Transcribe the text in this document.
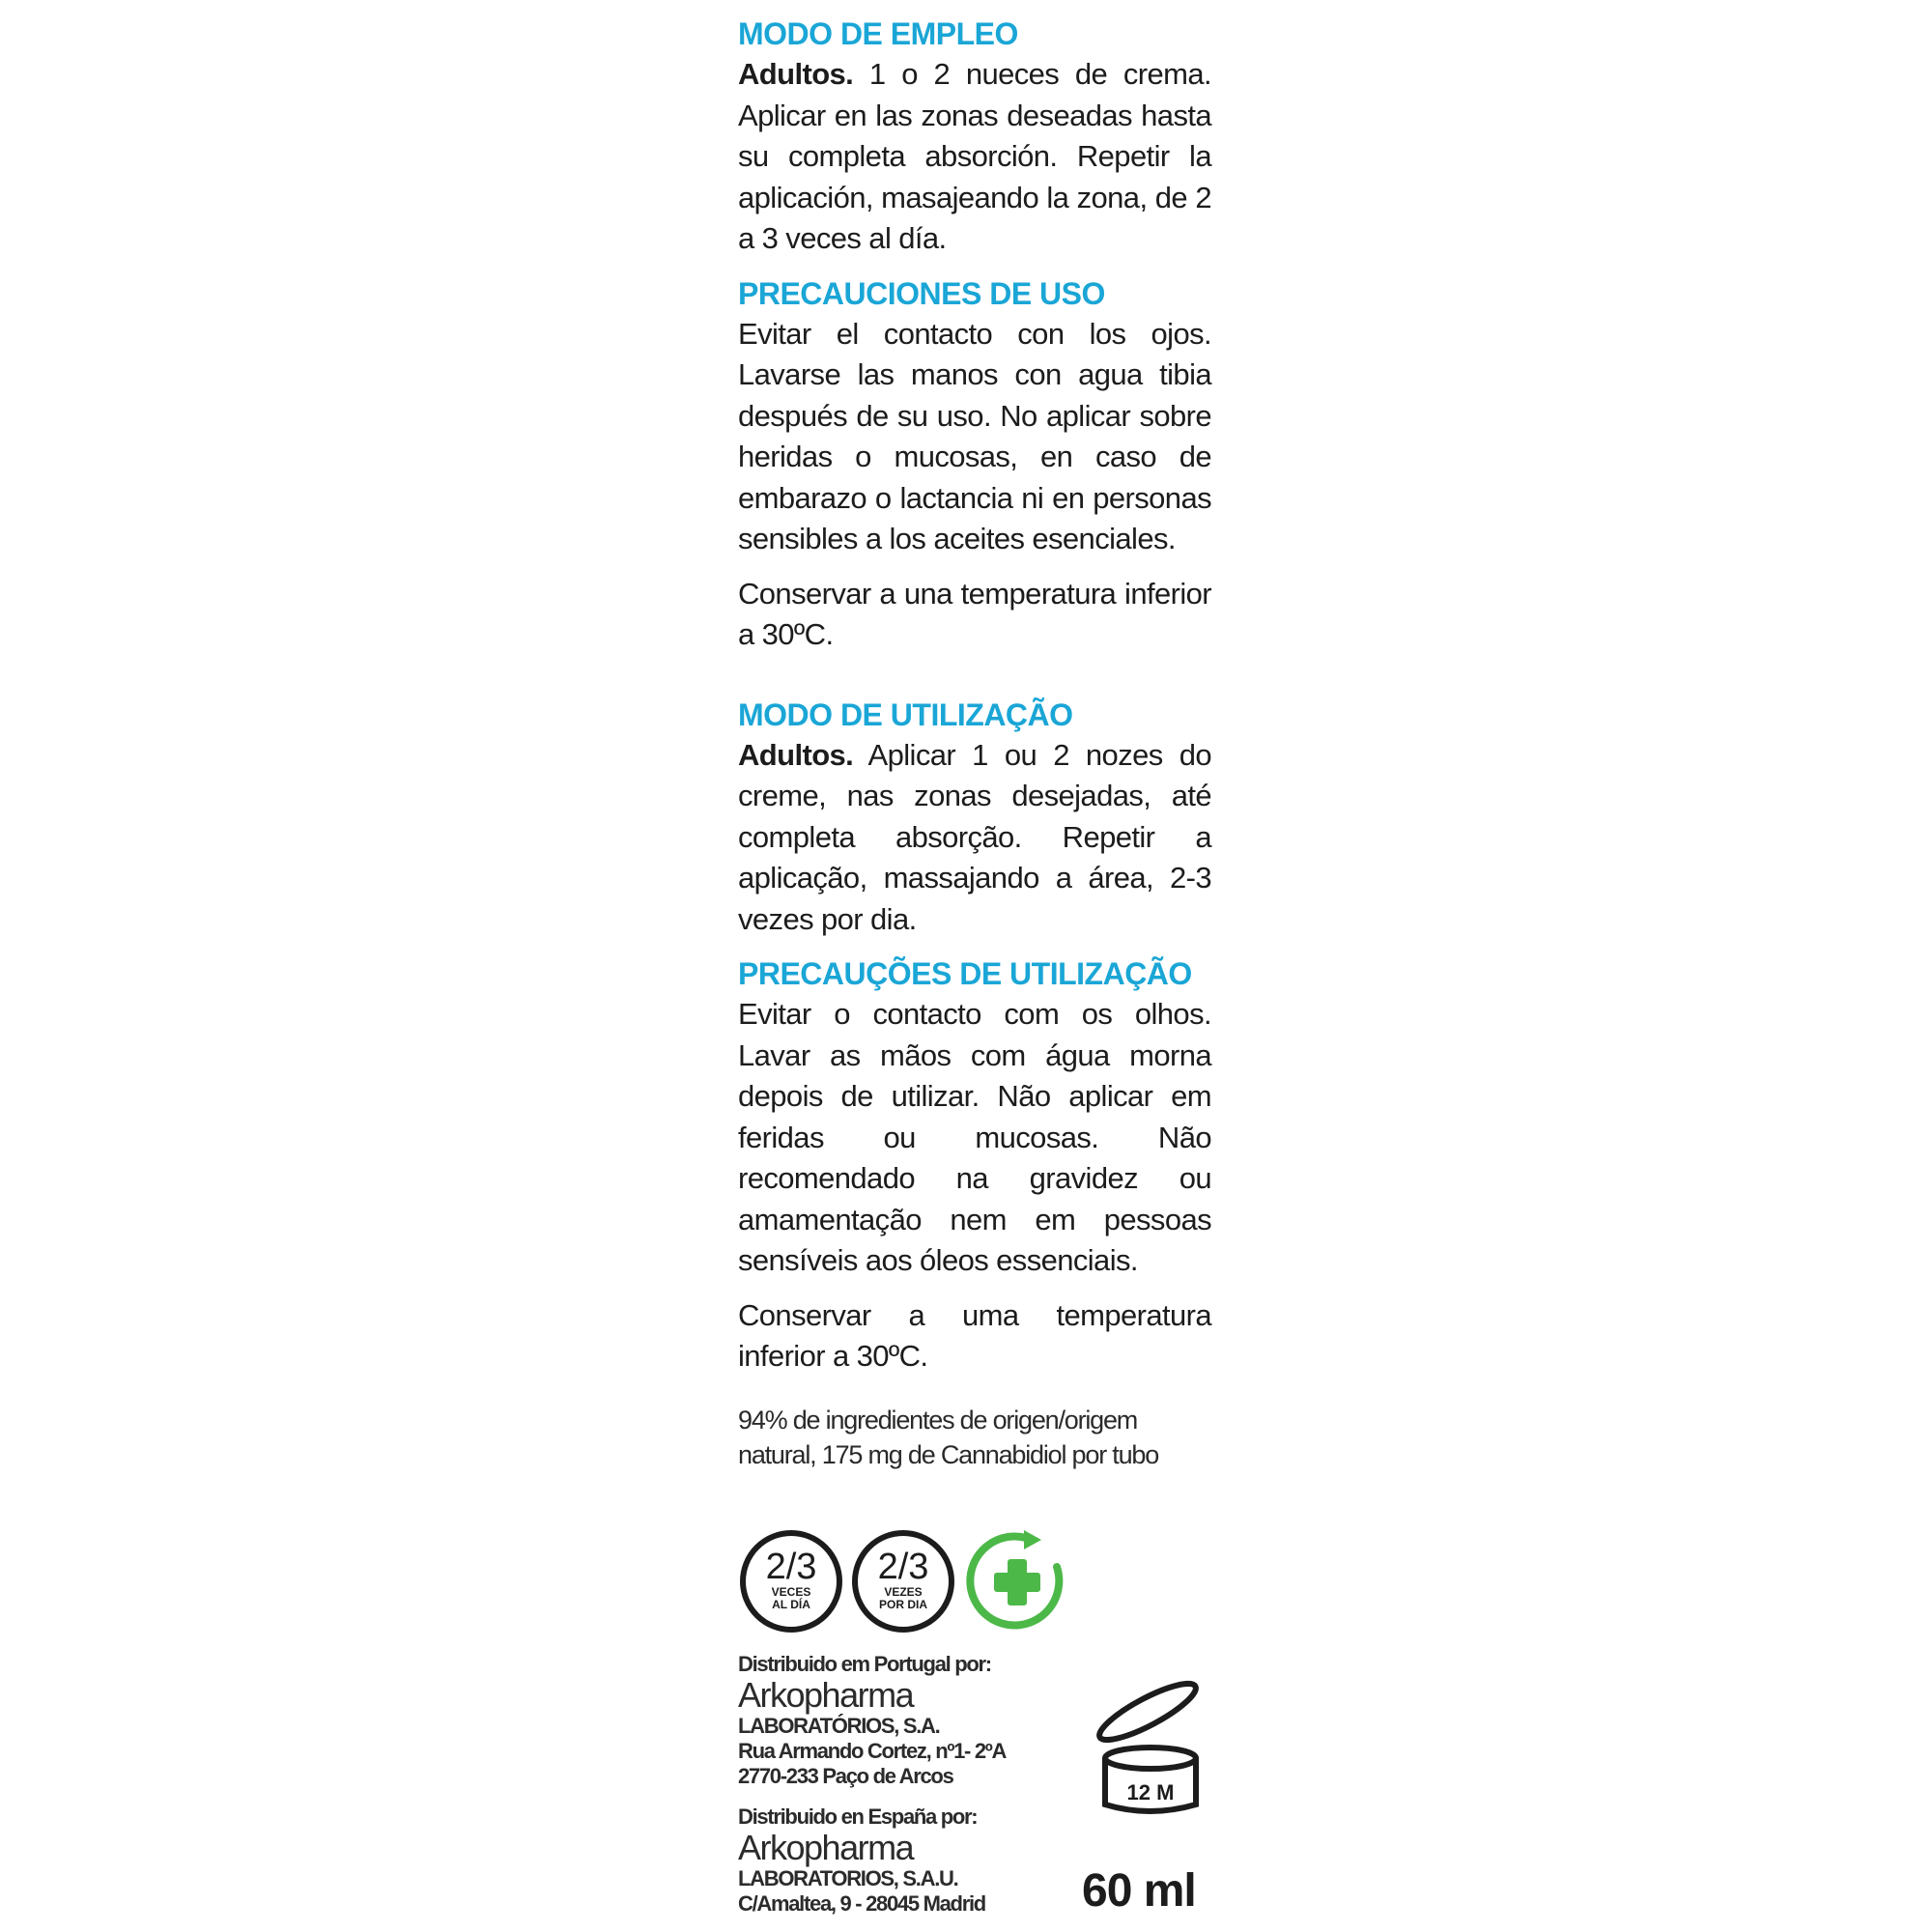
MODO DE EMPLEO

Adultos. 1 o 2 nueces de crema. Aplicar en las zonas deseadas hasta su completa absorción. Repetir la aplicación, masajeando la zona, de 2 a 3 veces al día.

PRECAUCIONES DE USO

Evitar el contacto con los ojos. Lavarse las manos con agua tibia después de su uso. No aplicar sobre heridas o mucosas, en caso de embarazo o lactancia ni en personas sensibles a los aceites esenciales.

Conservar a una temperatura inferior a 30ºC.

MODO DE UTILIZAÇÃO

Adultos. Aplicar 1 ou 2 nozes do creme, nas zonas desejadas, até completa absorção. Repetir a aplicação, massajando a área, 2-3 vezes por dia.

PRECAUÇÕES DE UTILIZAÇÃO

Evitar o contacto com os olhos. Lavar as mãos com água morna depois de utilizar. Não aplicar em feridas ou mucosas. Não recomendado na gravidez ou amamentação nem em pessoas sensíveis aos óleos essenciais.

Conservar a uma temperatura inferior a 30ºC.

94% de ingredientes de origen/origem natural, 175 mg de Cannabidiol por tubo

2/3
VECES
AL DÍA
2/3
VEZES
POR DIA
Distribuido em Portugal por:
Arkopharma
LABORATÓRIOS, S.A.
Rua Armando Cortez, nº1- 2ºA
2770-233 Paço de Arcos
Distribuido en España por:
Arkopharma
LABORATORIOS, S.A.U.
C/Amaltea, 9 - 28045 Madrid
12 M
60 ml
